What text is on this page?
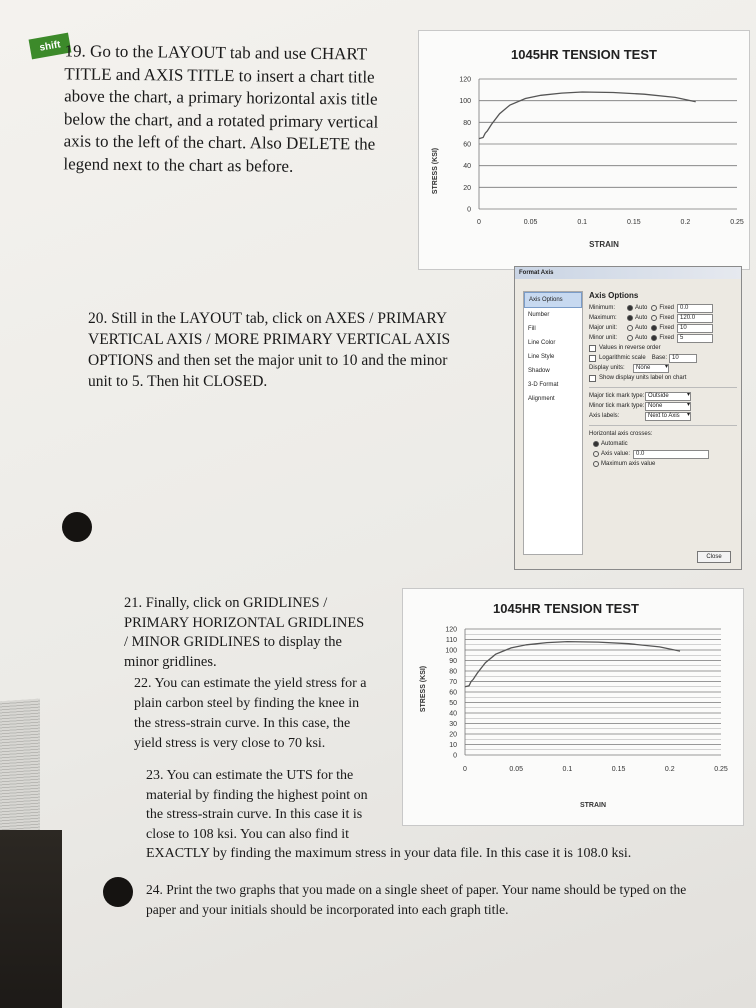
shift 19. Go to the LAYOUT tab and use CHART
TITLE and AXIS TITLE to insert a chart title
above the chart, a primary horizontal axis title
below the chart, and a rotated primary vertical
axis to the left of the chart. Also DELETE the
legend next to the chart as before.
1045HR TENSION TEST
0
20
40
60
80
100
120
0	0.05	0.1	0.15	0.2	0.25
STRESS (KSI)
STRAIN
20. Still in the LAYOUT tab, click on AXES / PRIMARY
VERTICAL AXIS / MORE PRIMARY VERTICAL AXIS
OPTIONS and then set the major unit to 10 and the minor
unit to 5. Then hit CLOSED.
Format Axis
Axis Options
Number
Fill
Line Color
Line Style
Shadow
3-D Format
Alignment
Axis Options
Minimum:	Auto Fixed	0.0
Maximum:	Auto Fixed	120.0
Major unit:	Auto Fixed	10
Minor unit:	Auto Fixed	5
Values in reverse order
Logarithmic scale Base: 10
Display units:	None ▾
Show display units label on chart
Major tick mark type: Outside ▾
Minor tick mark type: None ▾
Axis labels:	Next to Axis ▾
Horizontal axis crosses:
Automatic
Axis value:	0.0
Maximum axis value
Close
21. Finally, click on GRIDLINES /
PRIMARY HORIZONTAL GRIDLINES
/ MINOR GRIDLINES to display the
minor gridlines.
1045HR TENSION TEST
0
10
20
30
40
50
60
70
80
90
100
110
120
0	0.05	0.1	0.15	0.2	0.25
STRESS (KSI)
STRAIN
22. You can estimate the yield stress for a
plain carbon steel by finding the knee in
the stress-strain curve. In this case, the
yield stress is very close to 70 ksi.
23. You can estimate the UTS for the
material by finding the highest point on
the stress-strain curve. In this case it is
close to 108 ksi. You can also find it
EXACTLY by finding the maximum stress in your data file. In this case it is 108.0 ksi.
24. Print the two graphs that you made on a single sheet of paper. Your name should be typed on the
paper and your initials should be incorporated into each graph title.
